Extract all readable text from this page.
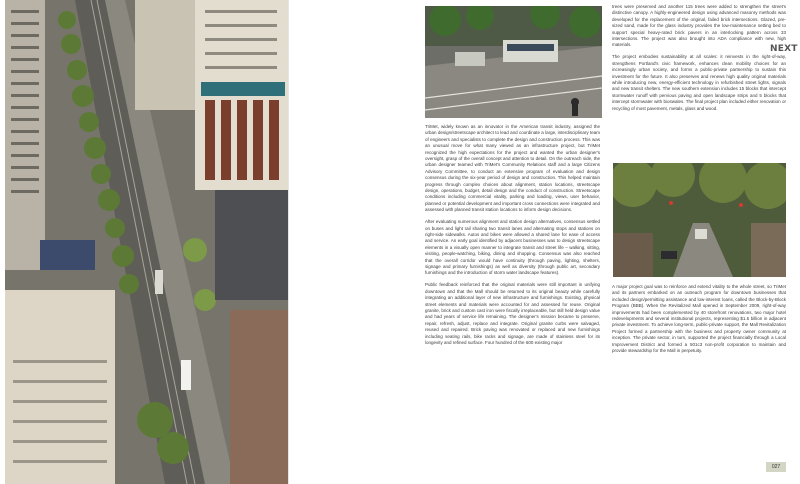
TriMet, widely known as an innovator in the American transit industry, assigned the urban design/streetscape architect to lead and coordinate a large, interdisciplinary team of engineers and specialists to complete the design and construction process. This was an unusual move for what many viewed as an infrastructure project, but TriMet recognized the high expectations for the project and wanted the urban designer's oversight, grasp of the overall concept and attention to detail. On the outreach side, the urban designer teamed with TriMet's Community Relations staff and a large Citizens Advisory Committee, to conduct an extensive program of evaluation and design consensus during the six-year period of design and construction. This helped maintain progress through complex choices about alignment, station locations, streetscape design, operations, budget, detail design and the conduct of construction. Streetscape conditions including commercial vitality, parking and loading, views, user behavior, planned or potential development and important cross connections were integrated and assessed with planned transit station locations to inform design decisions.

After evaluating numerous alignment and station design alternatives, consensus settled on buses and light rail sharing two transit lanes and alternating stops and stations on right-side sidewalks. Autos and bikes were allowed a shared lane for ease of access and service. An early goal identified by adjacent businesses was to design streetscape elements in a visually open manner to integrate transit and street life – walking, sitting, visiting, people-watching, biking, dining and shopping. Consensus was also reached that the overall corridor would have continuity (through paving, lighting, shelters, signage and primary furnishings) as well as diversity (through public art, secondary furnishings and the introduction of storm water landscape features).

Public feedback reinforced that the original materials were still important in unifying downtown and that the Mall should be returned to its original beauty while carefully integrating an additional layer of new infrastructure and furnishings. Existing, physical street elements and materials were accounted for and assessed for reuse. Original granite, brick and custom cast iron were fiscally irreplaceable, but still held design value and had years of service life remaining. The designer's mission became to preserve, repair, refresh, adjust, replace and integrate. Original granite curbs were salvaged, reused and repaired. Brick paving was renovated or replaced and new furnishings including seating rails, bike racks and signage, are made of stainless steel for its longevity and refined surface. Four hundred of the 600 existing major

trees were preserved and another 115 trees were added to strengthen the street's distinctive canopy. A highly-engineered design using advanced masonry methods was developed for the replacement of the original, failed brick intersections. Glazed, pre-sized sand, made for the glass industry provides the low-maintenance setting bed to support special heavy-rated brick pavers in an interlocking pattern across 33 intersections. The project was also brought into ADA compliance with new, high materials.

The project embodies sustainability at all scales: it reinvests in the right-of-way, strengthens Portland's civic framework, enhances clean mobility choices for an increasingly urban society, and forms a public-private partnership to sustain this investment for the future. It also preserves and renews high quality original materials while introducing new, energy-efficient technology in refurbished street lights, signals and new transit shelters. The new southern extension includes 15 blocks that intercept stormwater runoff with pervious paving and open landscape strips and 5 blocks that intercept stormwater with bioswales. The final project plan included either renovation or recycling of most pavement, metals, glass and wood.

A major project goal was to reinforce and extend vitality to the whole street, so TriMet and its partners embarked on an outreach program for downtown businesses that included design/permitting assistance and low-interest loans, called the Block-by-Block Program (BBB). When the Revitalized Mall opened in September 2009, right-of-way improvements had been complemented by 40 storefront renovations, two major hotel redevelopments and several institutional projects, representing $1.5 billion in adjacent private investment. To achieve long-term, public-private support, the Mall Revitalization Project formed a partnership with the business and property owner community at inception. The private sector, in turn, supported the project financially through a Local Improvement District and formed a 501c3 non-profit corporation to maintain and provide stewardship for the Mall in perpetuity.

NEXT
027
